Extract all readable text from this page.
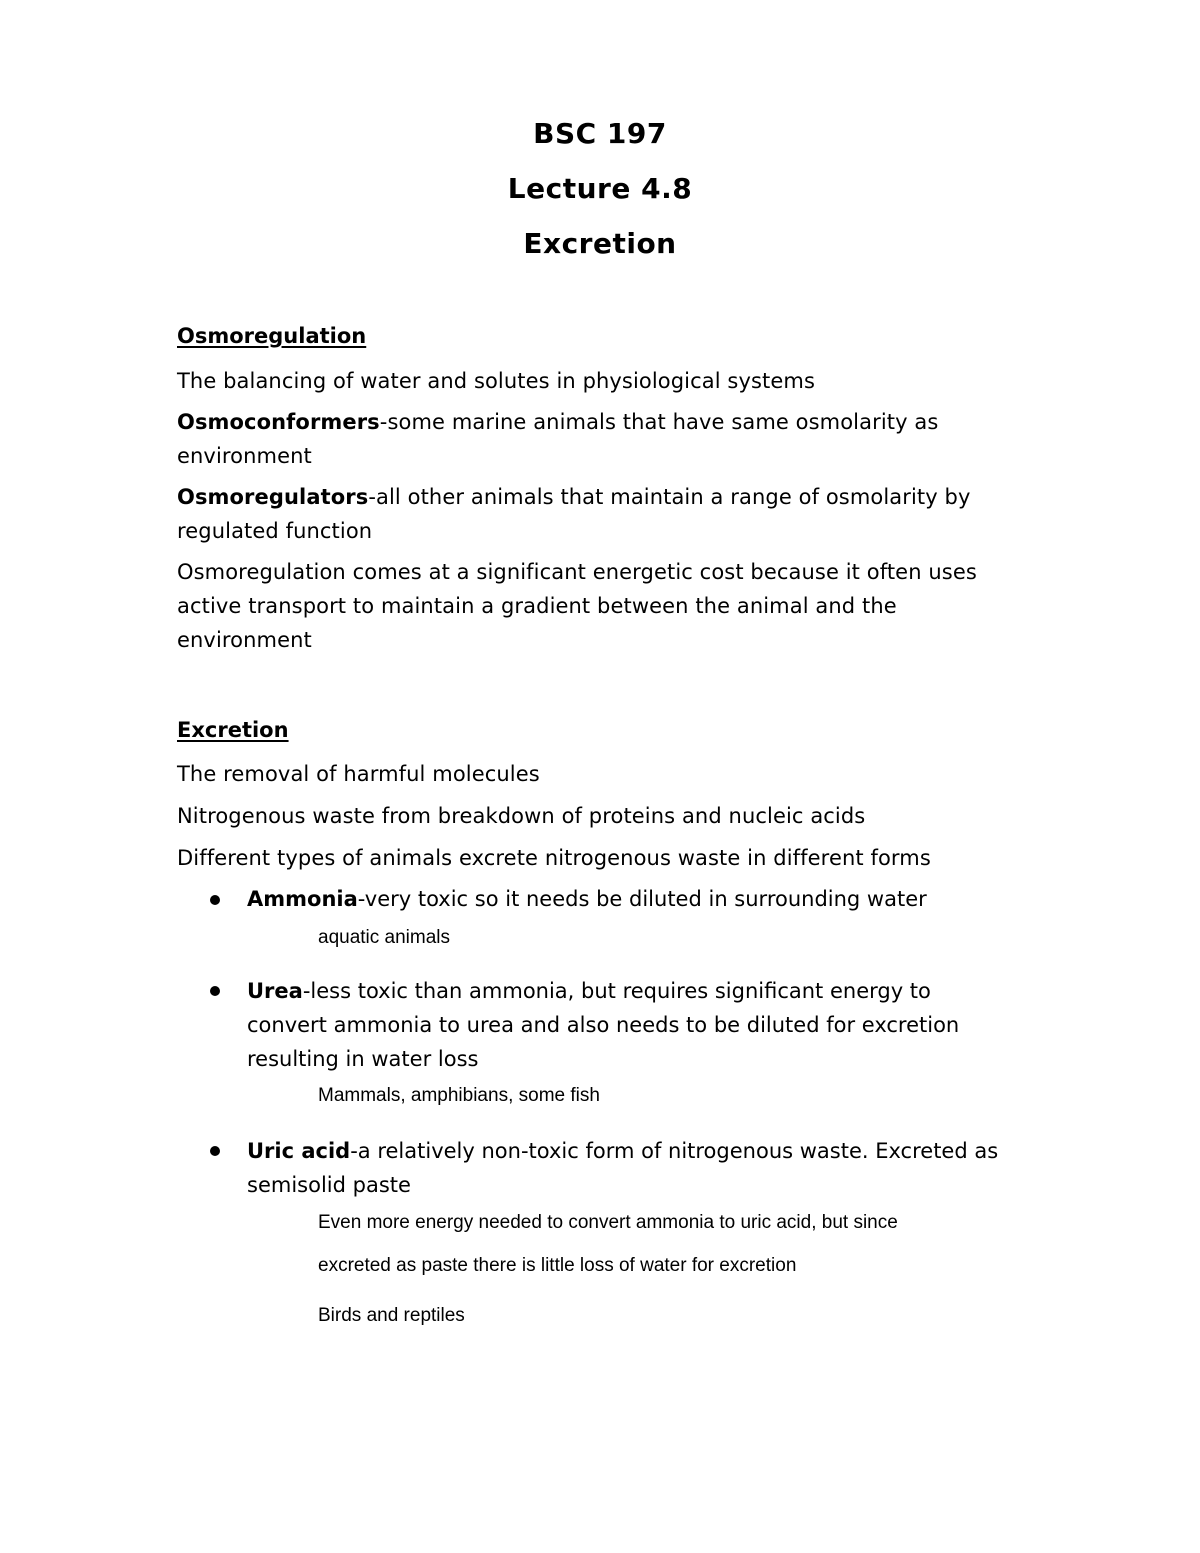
BSC 197
Lecture 4.8
Excretion
Osmoregulation
The balancing of water and solutes in physiological systems
Osmoconformers-some marine animals that have same osmolarity as environment
Osmoregulators-all other animals that maintain a range of osmolarity by regulated function
Osmoregulation comes at a significant energetic cost because it often uses active transport to maintain a gradient between the animal and the environment
Excretion
The removal of harmful molecules
Nitrogenous waste from breakdown of proteins and nucleic acids
Different types of animals excrete nitrogenous waste in different forms
Ammonia-very toxic so it needs be diluted in surrounding water
aquatic animals
Urea-less toxic than ammonia, but requires significant energy to convert ammonia to urea and also needs to be diluted for excretion resulting in water loss
Mammals, amphibians, some fish
Uric acid-a relatively non-toxic form of nitrogenous waste. Excreted as semisolid paste
Even more energy needed to convert ammonia to uric acid, but since
excreted as paste there is little loss of water for excretion
Birds and reptiles
